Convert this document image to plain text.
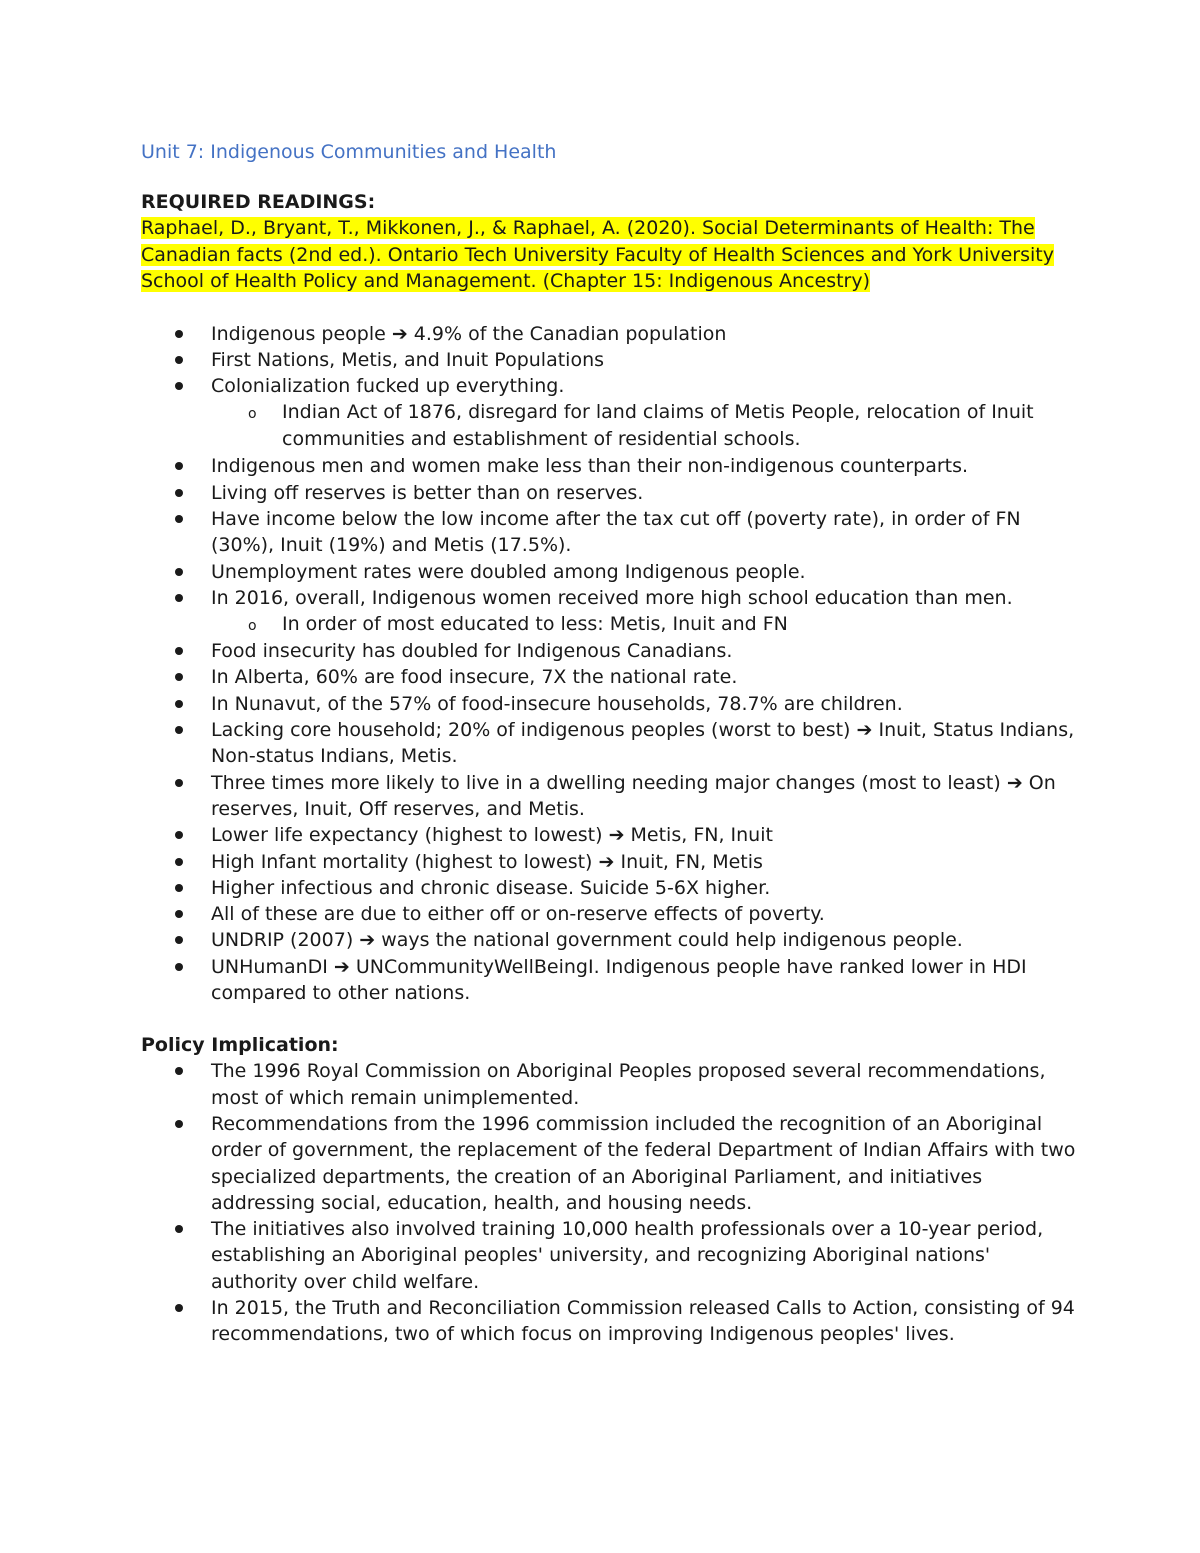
Unit 7: Indigenous Communities and Health

REQUIRED READINGS:

Raphael, D., Bryant, T., Mikkonen, J., & Raphael, A. (2020). Social Determinants of Health: The Canadian facts (2nd ed.). Ontario Tech University Faculty of Health Sciences and York University School of Health Policy and Management. (Chapter 15: Indigenous Ancestry)

Indigenous people ➔ 4.9% of the Canadian population
First Nations, Metis, and Inuit Populations
Colonialization fucked up everything.
o Indian Act of 1876, disregard for land claims of Metis People, relocation of Inuit communities and establishment of residential schools.
Indigenous men and women make less than their non-indigenous counterparts.
Living off reserves is better than on reserves.
Have income below the low income after the tax cut off (poverty rate), in order of FN (30%), Inuit (19%) and Metis (17.5%).
Unemployment rates were doubled among Indigenous people.
In 2016, overall, Indigenous women received more high school education than men.
o In order of most educated to less: Metis, Inuit and FN
Food insecurity has doubled for Indigenous Canadians.
In Alberta, 60% are food insecure, 7X the national rate.
In Nunavut, of the 57% of food-insecure households, 78.7% are children.
Lacking core household; 20% of indigenous peoples (worst to best) ➔ Inuit, Status Indians, Non-status Indians, Metis.
Three times more likely to live in a dwelling needing major changes (most to least) ➔ On reserves, Inuit, Off reserves, and Metis.
Lower life expectancy (highest to lowest) ➔ Metis, FN, Inuit
High Infant mortality (highest to lowest) ➔ Inuit, FN, Metis
Higher infectious and chronic disease. Suicide 5-6X higher.
All of these are due to either off or on-reserve effects of poverty.
UNDRIP (2007) ➔ ways the national government could help indigenous people.
UNHumanDI ➔ UNCommunityWellBeingI. Indigenous people have ranked lower in HDI compared to other nations.

Policy Implication:

The 1996 Royal Commission on Aboriginal Peoples proposed several recommendations, most of which remain unimplemented.
Recommendations from the 1996 commission included the recognition of an Aboriginal order of government, the replacement of the federal Department of Indian Affairs with two specialized departments, the creation of an Aboriginal Parliament, and initiatives addressing social, education, health, and housing needs.
The initiatives also involved training 10,000 health professionals over a 10-year period, establishing an Aboriginal peoples' university, and recognizing Aboriginal nations' authority over child welfare.
In 2015, the Truth and Reconciliation Commission released Calls to Action, consisting of 94 recommendations, two of which focus on improving Indigenous peoples' lives.
